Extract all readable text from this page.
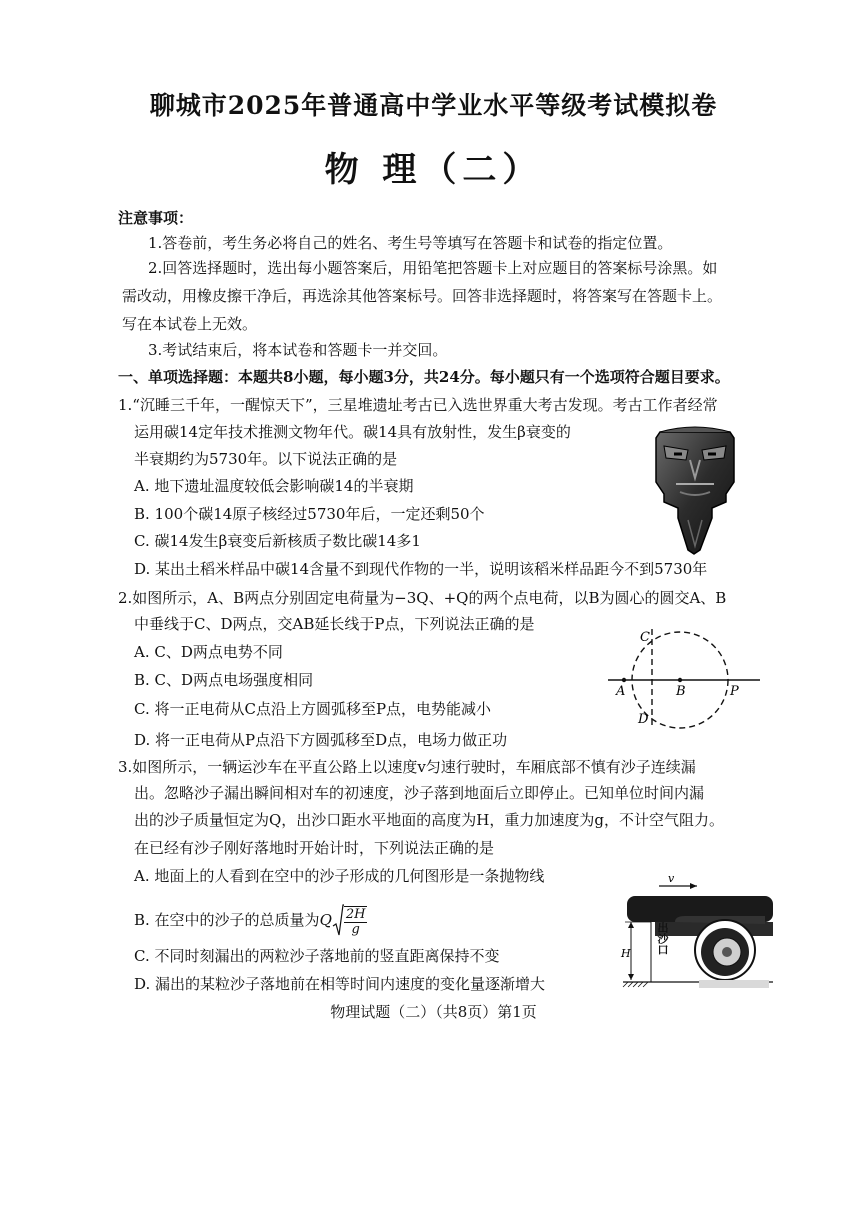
聊城市2025年普通高中学业水平等级考试模拟卷
物 理（二）
注意事项：
1.答卷前，考生务必将自己的姓名、考生号等填写在答题卡和试卷的指定位置。
2.回答选择题时，选出每小题答案后，用铅笔把答题卡上对应题目的答案标号涂黑。如
需改动，用橡皮擦干净后，再选涂其他答案标号。回答非选择题时，将答案写在答题卡上。
写在本试卷上无效。
3.考试结束后，将本试卷和答题卡一并交回。
一、单项选择题：本题共8小题，每小题3分，共24分。每小题只有一个选项符合题目要求。
1.“沉睡三千年，一醒惊天下”，三星堆遗址考古已入选世界重大考古发现。考古工作者经常
运用碳14定年技术推测文物年代。碳14具有放射性，发生β衰变的
半衰期约为5730年。以下说法正确的是
A. 地下遗址温度较低会影响碳14的半衰期
B. 100个碳14原子核经过5730年后，一定还剩50个
C. 碳14发生β衰变后新核质子数比碳14多1
D. 某出土稻米样品中碳14含量不到现代作物的一半，说明该稻米样品距今不到5730年
2.如图所示，A、B两点分别固定电荷量为−3Q、+Q的两个点电荷，以B为圆心的圆交A、B
中垂线于C、D两点，交AB延长线于P点，下列说法正确的是
A. C、D两点电势不同
B. C、D两点电场强度相同
C. 将一正电荷从C点沿上方圆弧移至P点，电势能减小
D. 将一正电荷从P点沿下方圆弧移至D点，电场力做正功
C
D
A	B	P
3.如图所示，一辆运沙车在平直公路上以速度v匀速行驶时，车厢底部不慎有沙子连续漏
出。忽略沙子漏出瞬间相对车的初速度，沙子落到地面后立即停止。已知单位时间内漏
出的沙子质量恒定为Q，出沙口距水平地面的高度为H，重力加速度为g，不计空气阻力。
在已经有沙子刚好落地时开始计时，下列说法正确的是
A. 地面上的人看到在空中的沙子形成的几何图形是一条抛物线
B. 在空中的沙子的总质量为Q $\frac{2H}{g}$
C. 不同时刻漏出的两粒沙子落地前的竖直距离保持不变
D. 漏出的某粒沙子落地前在相等时间内速度的变化量逐渐增大
v
H 出沙口
物理试题（二）（共8页）第1页
